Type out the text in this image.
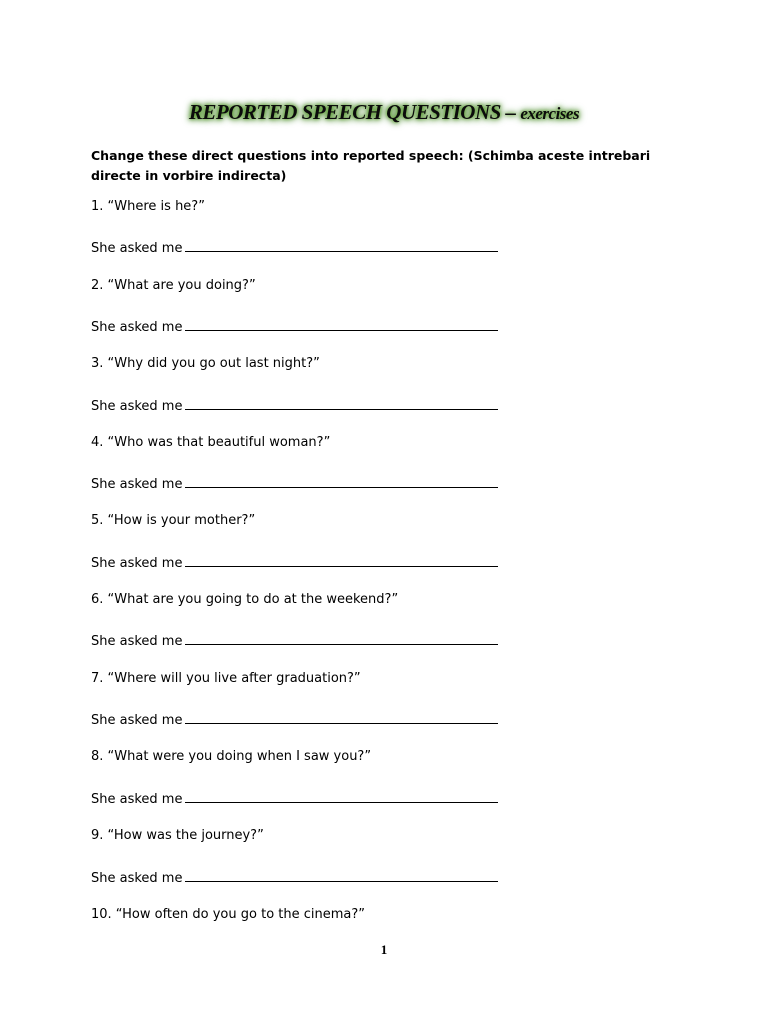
REPORTED SPEECH QUESTIONS – exercises
Change these direct questions into reported speech: (Schimba aceste intrebari directe in vorbire indirecta)
1. “Where is he?”
She asked me
2. “What are you doing?”
She asked me
3. “Why did you go out last night?”
She asked me
4. “Who was that beautiful woman?”
She asked me
5. “How is your mother?”
She asked me
6. “What are you going to do at the weekend?”
She asked me
7. “Where will you live after graduation?”
She asked me
8. “What were you doing when I saw you?”
She asked me
9. “How was the journey?”
She asked me
10. “How often do you go to the cinema?”
1
